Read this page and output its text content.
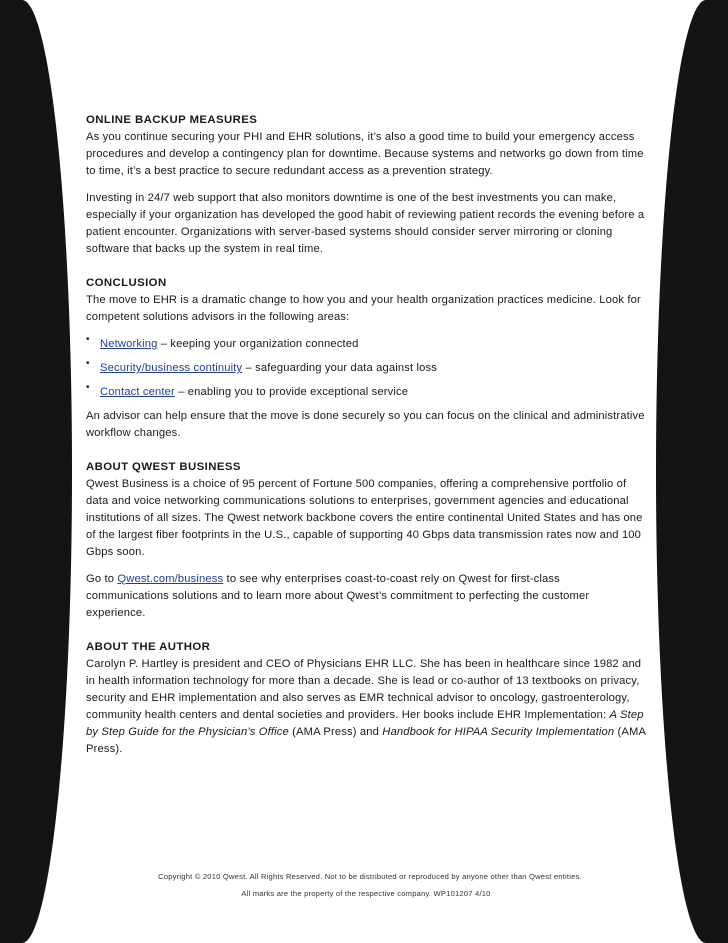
ONLINE BACKUP MEASURES

As you continue securing your PHI and EHR solutions, it’s also a good time to build your emergency access procedures and develop a contingency plan for downtime. Because systems and networks go down from time to time, it’s a best practice to secure redundant access as a prevention strategy.

Investing in 24/7 web support that also monitors downtime is one of the best investments you can make, especially if your organization has developed the good habit of reviewing patient records the evening before a patient encounter. Organizations with server-based systems should consider server mirroring or cloning software that backs up the system in real time.

CONCLUSION

The move to EHR is a dramatic change to how you and your health organization practices medicine. Look for competent solutions advisors in the following areas:

• Networking – keeping your organization connected
• Security/business continuity – safeguarding your data against loss
• Contact center – enabling you to provide exceptional service

An advisor can help ensure that the move is done securely so you can focus on the clinical and administrative workflow changes.

ABOUT QWEST BUSINESS

Qwest Business is a choice of 95 percent of Fortune 500 companies, offering a comprehensive portfolio of data and voice networking communications solutions to enterprises, government agencies and educational institutions of all sizes. The Qwest network backbone covers the entire continental United States and has one of the largest fiber footprints in the U.S., capable of supporting 40 Gbps data transmission rates now and 100 Gbps soon.

Go to Qwest.com/business to see why enterprises coast-to-coast rely on Qwest for first-class communications solutions and to learn more about Qwest’s commitment to perfecting the customer experience.

ABOUT THE AUTHOR

Carolyn P. Hartley is president and CEO of Physicians EHR LLC. She has been in healthcare since 1982 and in health information technology for more than a decade. She is lead or co-author of 13 textbooks on privacy, security and EHR implementation and also serves as EMR technical advisor to oncology, gastroenterology, community health centers and dental societies and providers. Her books include EHR Implementation: A Step by Step Guide for the Physician’s Office (AMA Press) and Handbook for HIPAA Security Implementation (AMA Press).

Copyright © 2010 Qwest. All Rights Reserved. Not to be distributed or reproduced by anyone other than Qwest entities.
All marks are the property of the respective company. WP101207 4/10
